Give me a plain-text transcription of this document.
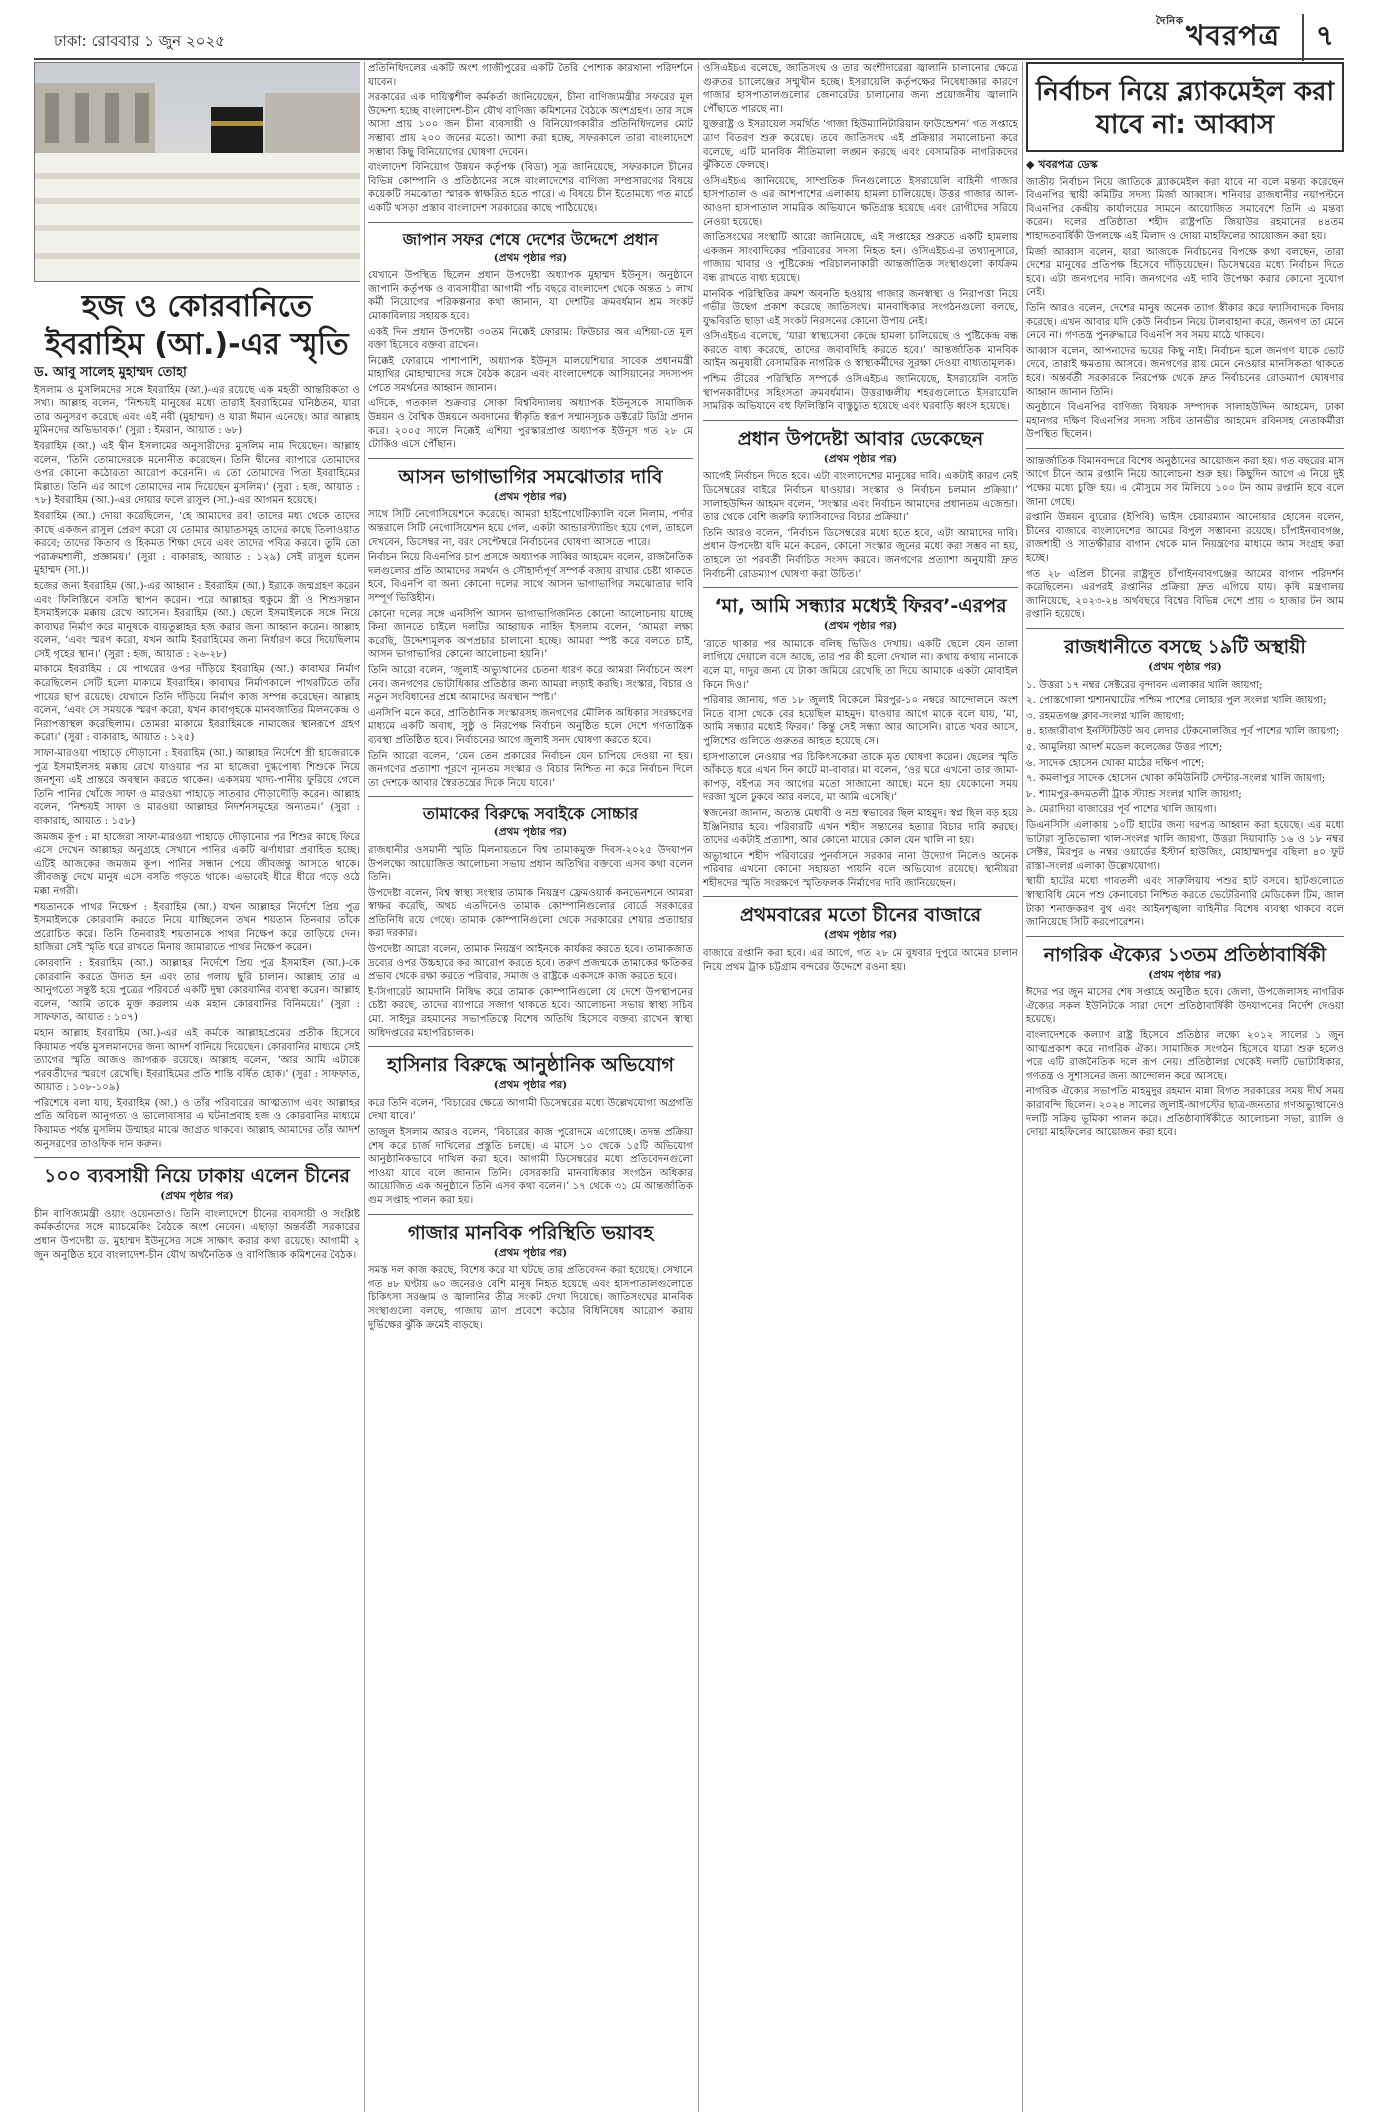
ঢাকা: রোববার ১ জুন ২০২৫
$^{দৈনিক}$খবরপত্র	৭
হজ ও কোরবানিতে ইবরাহিম (আ.)-এর স্মৃতি
ড. আবু সালেহ মুহাম্মদ তোহা

ইসলাম ও মুসলিমদের সঙ্গে ইবরাহিম (আ.)-এর রয়েছে এক মহতী আন্তরিকতা ও সখ্য। আল্লাহ বলেন, ‘নিশ্চয়ই মানুষের মধ্যে তারাই ইবরাহিমের ঘনিষ্ঠতম, যারা তার অনুসরণ করেছে এবং এই নবী (মুহাম্মদ) ও যারা ঈমান এনেছে। আর আল্লাহ মুমিনদের অভিভাবক।’ (সুরা : ইমরান, আয়াত : ৬৮)

ইবরাহিম (আ.) এই দ্বীন ইসলামের অনুসারীদের মুসলিম নাম দিয়েছেন। আল্লাহ বলেন, ‘তিনি তোমাদেরকে মনোনীত করেছেন। তিনি দ্বীনের ব্যাপারে তোমাদের ওপর কোনো কঠোরতা আরোপ করেননি। এ তো তোমাদের পিতা ইবরাহিমের মিল্লাত। তিনি এর আগে তোমাদের নাম দিয়েছেন মুসলিম।’ (সুরা : হজ, আয়াত : ৭৮) ইবরাহিম (আ.)-এর দোয়ার ফলে রাসুল (সা.)-এর আগমন হয়েছে।

ইবরাহিম (আ.) দোয়া করেছিলেন, ‘হে আমাদের রব! তাদের মধ্য থেকে তাদের কাছে একজন রাসুল প্রেরণ করো যে তোমার আয়াতসমূহ তাদের কাছে তিলাওয়াত করবে; তাদের কিতাব ও হিকমত শিক্ষা দেবে এবং তাদের পবিত্র করবে। তুমি তো পরাক্রমশালী, প্রজ্ঞাময়।’ (সুরা : বাকারাহ, আয়াত : ১২৯) সেই রাসুল হলেন মুহাম্মদ (সা.)।

হজের জন্য ইবরাহিম (আ.)-এর আহ্বান : ইবরাহিম (আ.) ইরাকে জন্মগ্রহণ করেন এবং ফিলিস্তিনে বসতি স্থাপন করেন। পরে আল্লাহর হুকুমে স্ত্রী ও শিশুসন্তান ইসমাইলকে মক্কায় রেখে আসেন। ইবরাহিম (আ.) ছেলে ইসমাইলকে সঙ্গে নিয়ে কাবাঘর নির্মাণ করে মানুষকে বায়তুল্লাহর হজ করার জন্য আহ্বান করেন। আল্লাহ বলেন, ‘এবং স্মরণ করো, যখন আমি ইবরাহিমের জন্য নির্ধারণ করে দিয়েছিলাম সেই গৃহের স্থান।’ (সুরা : হজ, আয়াত : ২৬-২৮)

মাকামে ইবরাহিম : যে পাথরের ওপর দাঁড়িয়ে ইবরাহিম (আ.) কাবাঘর নির্মাণ করেছিলেন সেটি হলো মাকামে ইবরাহিম। কাবাঘর নির্মাণকালে পাথরটিতে তাঁর পায়ের ছাপ রয়েছে। যেখানে তিনি দাঁড়িয়ে নির্মাণ কাজ সম্পন্ন করেছেন। আল্লাহ বলেন, ‘এবং সে সময়কে স্মরণ করো, যখন কাবাগৃহকে মানবজাতির মিলনকেন্দ্র ও নিরাপত্তাস্থল করেছিলাম। তোমরা মাকামে ইবরাহিমকে নামাজের স্থানরূপে গ্রহণ করো।’ (সুরা : বাকারাহ, আয়াত : ১২৫)

সাফা-মারওয়া পাহাড়ে দৌড়ানো : ইবরাহিম (আ.) আল্লাহর নির্দেশে স্ত্রী হাজেরাকে পুত্র ইসমাইলসহ মক্কায় রেখে যাওয়ার পর মা হাজেরা দুগ্ধপোষ্য শিশুকে নিয়ে জনশূন্য এই প্রান্তরে অবস্থান করতে থাকেন। একসময় খাদ্য-পানীয় ফুরিয়ে গেলে তিনি পানির খোঁজে সাফা ও মারওয়া পাহাড়ে সাতবার দৌড়াদৌড়ি করেন। আল্লাহ বলেন, ‘নিশ্চয়ই সাফা ও মারওয়া আল্লাহর নিদর্শনসমূহের অন্যতম।’ (সুরা : বাকারাহ, আয়াত : ১৫৮)

জমজম কূপ : মা হাজেরা সাফা-মারওয়া পাহাড়ে দৌড়ানোর পর শিশুর কাছে ফিরে এসে দেখেন আল্লাহর অনুগ্রহে সেখানে পানির একটি ঝর্ণাধারা প্রবাহিত হচ্ছে। এটিই আজকের জমজম কূপ। পানির সন্ধান পেয়ে জীবজন্তু আসতে থাকে। জীবজন্তু দেখে মানুষ এসে বসতি গড়তে থাকে। এভাবেই ধীরে ধীরে গড়ে ওঠে মক্কা নগরী।

শয়তানকে পাথর নিক্ষেপ : ইবরাহিম (আ.) যখন আল্লাহর নির্দেশে প্রিয় পুত্র ইসমাইলকে কোরবানি করতে নিয়ে যাচ্ছিলেন তখন শয়তান তিনবার তাঁকে প্ররোচিত করে। তিনি তিনবারই শয়তানকে পাথর নিক্ষেপ করে তাড়িয়ে দেন। হাজিরা সেই স্মৃতি ধরে রাখতে মিনায় জামারাতে পাথর নিক্ষেপ করেন।

কোরবানি : ইবরাহিম (আ.) আল্লাহর নির্দেশে প্রিয় পুত্র ইসমাইল (আ.)-কে কোরবানি করতে উদ্যত হন এবং তার গলায় ছুরি চালান। আল্লাহ তার এ আনুগত্যে সন্তুষ্ট হয়ে পুত্রের পরিবর্তে একটি দুম্বা কোরবানির ব্যবস্থা করেন। আল্লাহ বলেন, ‘আমি তাকে মুক্ত করলাম এক মহান কোরবানির বিনিময়ে।’ (সুরা : সাফফাত, আয়াত : ১০৭)

মহান আল্লাহ ইবরাহিম (আ.)-এর এই কর্মকে আল্লাহপ্রেমের প্রতীক হিসেবে কিয়ামত পর্যন্ত মুসলমানদের জন্য আদর্শ বানিয়ে দিয়েছেন। কোরবানির মাধ্যমে সেই ত্যাগের স্মৃতি আজও জাগরূক রয়েছে। আল্লাহ বলেন, ‘আর আমি এটাকে পরবর্তীদের স্মরণে রেখেছি। ইবরাহিমের প্রতি শান্তি বর্ষিত হোক।’ (সুরা : সাফফাত, আয়াত : ১০৮-১০৯)

পরিশেষে বলা যায়, ইবরাহিম (আ.) ও তাঁর পরিবারের আত্মত্যাগ এবং আল্লাহর প্রতি অবিচল আনুগত্য ও ভালোবাসার এ ঘটনাপ্রবাহ হজ ও কোরবানির মাধ্যমে কিয়ামত পর্যন্ত মুসলিম উম্মাহর মাঝে জাগ্রত থাকবে। আল্লাহ আমাদের তাঁর আদর্শ অনুসরণের তাওফিক দান করুন।

১০০ ব্যবসায়ী নিয়ে ঢাকায় এলেন চীনের
(প্রথম পৃষ্ঠার পর)

চীন বাণিজ্যমন্ত্রী ওয়াং ওয়েনতাও। তিনি বাংলাদেশে চীনের ব্যবসায়ী ও সংশ্লিষ্ট কর্মকর্তাদের সঙ্গে ম্যাচমেকিং বৈঠকে অংশ নেবেন। এছাড়া অন্তর্বর্তী সরকারের প্রধান উপদেষ্টা ড. মুহাম্মদ ইউনূসের সঙ্গে সাক্ষাৎ করার কথা রয়েছে। আগামী ২ জুন অনুষ্ঠিত হবে বাংলাদেশ-চীন যৌথ অর্থনৈতিক ও বাণিজ্যিক কমিশনের বৈঠক।

প্রতিনিধিদলের একটি অংশ গাজীপুরের একটি তৈরি পোশাক কারখানা পরিদর্শনে যাবেন।

সরকারের এক দায়িত্বশীল কর্মকর্তা জানিয়েছেন, চীনা বাণিজ্যমন্ত্রীর সফরের মূল উদ্দেশ্য হচ্ছে বাংলাদেশ-চীন যৌথ বাণিজ্য কমিশনের বৈঠকে অংশগ্রহণ। তার সঙ্গে আসা প্রায় ১০০ জন চীনা ব্যবসায়ী ও বিনিয়োগকারীর প্রতিনিধিদলের মোট সম্ভাব্য প্রায় ২০০ জনের মতো। আশা করা হচ্ছে, সফরকালে তারা বাংলাদেশে সম্ভাব্য কিছু বিনিয়োগের ঘোষণা দেবেন।

বাংলাদেশ বিনিয়োগ উন্নয়ন কর্তৃপক্ষ (বিডা) সূত্র জানিয়েছে, সফরকালে চীনের বিভিন্ন কোম্পানি ও প্রতিষ্ঠানের সঙ্গে বাংলাদেশের বাণিজ্য সম্প্রসারণের বিষয়ে কয়েকটি সমঝোতা স্মারক স্বাক্ষরিত হতে পারে। এ বিষয়ে চীন ইতোমধ্যে গত মার্চে একটি খসড়া প্রস্তাব বাংলাদেশ সরকারের কাছে পাঠিয়েছে।

জাপান সফর শেষে দেশের উদ্দেশে প্রধান
(প্রথম পৃষ্ঠার পর)

যেখানে উপস্থিত ছিলেন প্রধান উপদেষ্টা অধ্যাপক মুহাম্মদ ইউনূস। অনুষ্ঠানে জাপানি কর্তৃপক্ষ ও ব্যবসায়ীরা আগামী পাঁচ বছরে বাংলাদেশ থেকে অন্তত ১ লাখ কর্মী নিয়োগের পরিকল্পনার কথা জানান, যা দেশটির ক্রমবর্ধমান শ্রম সংকট মোকাবিলায় সহায়ক হবে।

একই দিন প্রধান উপদেষ্টা ৩০তম নিক্কেই ফোরাম: ফিউচার অব এশিয়া-তে মূল বক্তা হিসেবে বক্তব্য রাখেন।

নিক্কেই ফোরামে পাশাপাশি, অধ্যাপক ইউনূস মালয়েশিয়ার সাবেক প্রধানমন্ত্রী মাহাথির মোহাম্মাদের সঙ্গে বৈঠক করেন এবং বাংলাদেশকে আসিয়ানের সদস্যপদ পেতে সমর্থনের আহ্বান জানান।

এদিকে, গতকাল শুক্রবার সোকা বিশ্ববিদ্যালয় অধ্যাপক ইউনূসকে সামাজিক উন্নয়ন ও বৈশ্বিক উন্নয়নে অবদানের স্বীকৃতি স্বরূপ সম্মানসূচক ডক্টরেট ডিগ্রি প্রদান করে। ২০০৫ সালে নিক্কেই এশিয়া পুরস্কারপ্রাপ্ত অধ্যাপক ইউনূস গত ২৮ মে টোকিও এসে পৌঁছান।

আসন ভাগাভাগির সমঝোতার দাবি
(প্রথম পৃষ্ঠার পর)

সাথে সিটি নেগোসিয়েশনে করেছে। আমরা হাইপোথেটিক্যালি বলে নিলাম, পর্দার অন্তরালে সিটি নেগোসিয়েশন হয়ে গেল, একটা আন্ডারস্ট্যান্ডিং হয়ে গেল, তাহলে দেখবেন, ডিসেম্বর না, বরং সেপ্টেম্বরে নির্বাচনের ঘোষণা আসতে পারে।

নির্বাচন নিয়ে বিএনপির চাপ প্রসঙ্গে অধ্যাপক সাব্বির আহমেদ বলেন, রাজনৈতিক দলগুলোর প্রতি আমাদের সমর্থন ও সৌহার্দ্যপূর্ণ সম্পর্ক বজায় রাখার চেষ্টা থাকতে হবে, বিএনপি বা অন্য কোনো দলের সাথে আসন ভাগাভাগির সমঝোতার দাবি সম্পূর্ণ ভিত্তিহীন।

কোনো দলের সঙ্গে এনসিপি আসন ভাগাভাগিজনিত কোনো আলোচনায় যাচ্ছে কিনা জানতে চাইলে দলটির আহ্বায়ক নাহিদ ইসলাম বলেন, ‘আমরা লক্ষ্য করেছি, উদ্দেশ্যমূলক অপপ্রচার চালানো হচ্ছে। আমরা স্পষ্ট করে বলতে চাই, আসন ভাগাভাগির কোনো আলোচনা হয়নি।’

তিনি আরো বলেন, ‘জুলাই অভ্যুত্থানের চেতনা ধারণ করে আমরা নির্বাচনে অংশ নেব। জনগণের ভোটাধিকার প্রতিষ্ঠার জন্য আমরা লড়াই করছি। সংস্কার, বিচার ও নতুন সংবিধানের প্রশ্নে আমাদের অবস্থান স্পষ্ট।’

এনসিপি মনে করে, প্রাতিষ্ঠানিক সংস্কারসহ জনগণের মৌলিক অধিকার সংরক্ষণের মাধ্যমে একটি অবাধ, সুষ্ঠু ও নিরপেক্ষ নির্বাচন অনুষ্ঠিত হলে দেশে গণতান্ত্রিক ব্যবস্থা প্রতিষ্ঠিত হবে। নির্বাচনের আগে জুলাই সনদ ঘোষণা করতে হবে।

তিনি আরো বলেন, ‘যেন তেন প্রকারের নির্বাচন যেন চাপিয়ে দেওয়া না হয়। জনগণের প্রত্যাশা পূরণে ন্যূনতম সংস্কার ও বিচার নিশ্চিত না করে নির্বাচন দিলে তা দেশকে আবার স্বৈরতন্ত্রের দিকে নিয়ে যাবে।’

তামাকের বিরুদ্ধে সবাইকে সোচ্চার
(প্রথম পৃষ্ঠার পর)

রাজধানীর ওসমানী স্মৃতি মিলনায়তনে বিশ্ব তামাকমুক্ত দিবস-২০২৫ উদযাপন উপলক্ষ্যে আয়োজিত আলোচনা সভায় প্রধান অতিথির বক্তব্যে এসব কথা বলেন তিনি।

উপদেষ্টা বলেন, বিশ্ব স্বাস্থ্য সংস্থার তামাক নিয়ন্ত্রণ ফ্রেমওয়ার্ক কনভেনশনে আমরা স্বাক্ষর করেছি, অথচ এতদিনেও তামাক কোম্পানিগুলোর বোর্ডে সরকারের প্রতিনিধি রয়ে গেছে। তামাক কোম্পানিগুলো থেকে সরকারের শেয়ার প্রত্যাহার করা দরকার।

উপদেষ্টা আরো বলেন, তামাক নিয়ন্ত্রণ আইনকে কার্যকর করতে হবে। তামাকজাত দ্রব্যের ওপর উচ্চহারে কর আরোপ করতে হবে। তরুণ প্রজন্মকে তামাকের ক্ষতিকর প্রভাব থেকে রক্ষা করতে পরিবার, সমাজ ও রাষ্ট্রকে একসঙ্গে কাজ করতে হবে।

ই-সিগারেট আমদানি নিষিদ্ধ করে তামাক কোম্পানিগুলো যে দেশে উপস্থাপনের চেষ্টা করছে, তাদের ব্যাপারে সজাগ থাকতে হবে। আলোচনা সভায় স্বাস্থ্য সচিব মো. সাইদুর রহমানের সভাপতিত্বে বিশেষ অতিথি হিসেবে বক্তব্য রাখেন স্বাস্থ্য অধিদপ্তরের মহাপরিচালক।

হাসিনার বিরুদ্ধে আনুষ্ঠানিক অভিযোগ
(প্রথম পৃষ্ঠার পর)

করে তিনি বলেন, ‘বিচারের ক্ষেত্রে আগামী ডিসেম্বরের মধ্যে উল্লেখযোগ্য অগ্রগতি দেখা যাবে।’

তাজুল ইসলাম আরও বলেন, ‘বিচারের কাজ পুরোদমে এগোচ্ছে। তদন্ত প্রক্রিয়া শেষ করে চার্জ দাখিলের প্রস্তুতি চলছে। এ মাসে ১০ থেকে ১৫টি অভিযোগ আনুষ্ঠানিকভাবে দাখিল করা হবে। আগামী ডিসেম্বরের মধ্যে প্রতিবেদনগুলো পাওয়া যাবে বলে জানান তিনি। বেসরকারি মানবাধিকার সংগঠন অধিকার আয়োজিত এক অনুষ্ঠানে তিনি এসব কথা বলেন।’ ১৭ থেকে ৩১ মে আন্তর্জাতিক গুম সপ্তাহ পালন করা হয়।

গাজার মানবিক পরিস্থিতি ভয়াবহ
(প্রথম পৃষ্ঠার পর)

সমস্ত দল কাজ করছে, বিশেষ করে যা ঘটছে তার প্রতিবেদন করা হয়েছে। সেখানে গত ৪৮ ঘণ্টায় ৬০ জনেরও বেশি মানুষ নিহত হয়েছে এবং হাসপাতালগুলোতে চিকিৎসা সরঞ্জাম ও জ্বালানির তীব্র সংকট দেখা দিয়েছে। জাতিসংঘের মানবিক সংস্থাগুলো বলছে, গাজায় ত্রাণ প্রবেশে কঠোর বিধিনিষেধ আরোপ করায় দুর্ভিক্ষের ঝুঁকি ক্রমেই বাড়ছে।

ওসিএইচএ বলেছে, জাতিসংঘ ও তার অংশীদারেরা জ্বালানি চালানোর ক্ষেত্রে গুরুতর চ্যালেঞ্জের সম্মুখীন হচ্ছে। ইসরায়েলি কর্তৃপক্ষের নিষেধাজ্ঞার কারণে গাজার হাসপাতালগুলোর জেনারেটর চালানোর জন্য প্রয়োজনীয় জ্বালানি পৌঁছাতে পারছে না।

যুক্তরাষ্ট্র ও ইসরায়েল সমর্থিত ‘গাজা হিউম্যানিটারিয়ান ফাউন্ডেশন’ গত সপ্তাহে ত্রাণ বিতরণ শুরু করেছে। তবে জাতিসংঘ এই প্রক্রিয়ার সমালোচনা করে বলেছে, এটি মানবিক নীতিমালা লঙ্ঘন করছে এবং বেসামরিক নাগরিকদের ঝুঁকিতে ফেলছে।

ওসিএইচএ জানিয়েছে, সাম্প্রতিক দিনগুলোতে ইসরায়েলি বাহিনী গাজার হাসপাতাল ও এর আশপাশের এলাকায় হামলা চালিয়েছে। উত্তর গাজার আল-আওদা হাসপাতাল সামরিক অভিযানে ক্ষতিগ্রস্ত হয়েছে এবং রোগীদের সরিয়ে নেওয়া হয়েছে।

জাতিসংঘের সংস্থাটি আরো জানিয়েছে, এই সপ্তাহের শুরুতে একটি হামলায় একজন সাংবাদিকের পরিবারের সদস্য নিহত হন। ওসিএইচএ-র তথ্যানুসারে, গাজায় খাবার ও পুষ্টিকেন্দ্র পরিচালনাকারী আন্তর্জাতিক সংস্থাগুলো কার্যক্রম বন্ধ রাখতে বাধ্য হয়েছে।

মানবিক পরিস্থিতির ক্রমশ অবনতি হওয়ায় গাজার জনস্বাস্থ্য ও নিরাপত্তা নিয়ে গভীর উদ্বেগ প্রকাশ করেছে জাতিসংঘ। মানবাধিকার সংগঠনগুলো বলছে, যুদ্ধবিরতি ছাড়া এই সংকট নিরসনের কোনো উপায় নেই।

ওসিএইচএ বলেছে, ‘যারা স্বাস্থ্যসেবা কেন্দ্রে হামলা চালিয়েছে ও পুষ্টিকেন্দ্র বন্ধ করতে বাধ্য করেছে, তাদের জবাবদিহি করতে হবে।’ আন্তর্জাতিক মানবিক আইন অনুযায়ী বেসামরিক নাগরিক ও স্বাস্থ্যকর্মীদের সুরক্ষা দেওয়া বাধ্যতামূলক।

পশ্চিম তীরের পরিস্থিতি সম্পর্কে ওসিএইচএ জানিয়েছে, ইসরায়েলি বসতি স্থাপনকারীদের সহিংসতা ক্রমবর্ধমান। উত্তরাঞ্চলীয় শহরগুলোতে ইসরায়েলি সামরিক অভিযানে বহু ফিলিস্তিনি বাস্তুচ্যুত হয়েছে এবং ঘরবাড়ি ধ্বংস হয়েছে।

প্রধান উপদেষ্টা আবার ডেকেছেন
(প্রথম পৃষ্ঠার পর)

আগেই নির্বাচন দিতে হবে। এটা বাংলাদেশের মানুষের দাবি। একটাই কারণ নেই ডিসেম্বরের বাইরে নির্বাচন যাওয়ার। সংস্কার ও নির্বাচন চলমান প্রক্রিয়া।’ সালাহউদ্দিন আহমদ বলেন, ‘সংস্কার এবং নির্বাচন আমাদের প্রধানতম এজেন্ডা। তার থেকে বেশি জরুরি ফ্যাসিবাদের বিচার প্রক্রিয়া।’

তিনি আরও বলেন, ‘নির্বাচন ডিসেম্বরের মধ্যে হতে হবে, এটা আমাদের দাবি। প্রধান উপদেষ্টা যদি মনে করেন, কোনো সংস্কার জুনের মধ্যে করা সম্ভব না হয়, তাহলে তা পরবর্তী নির্বাচিত সংসদ করবে। জনগণের প্রত্যাশা অনুযায়ী দ্রুত নির্বাচনী রোডম্যাপ ঘোষণা করা উচিত।’

‘মা, আমি সন্ধ্যার মধ্যেই ফিরব’-এরপর
(প্রথম পৃষ্ঠার পর)

‘রাতে থাকার পর আমাকে বলিছ ভিডিও দেখায়। একটি ছেলে যেন তালা লাগিয়ে দেয়ালে বসে আছে, তার পর কী হলো দেখাল না। কথায় কথায় নানাকে বলে মা, দাদুর জন্য যে টাকা জমিয়ে রেখেছি তা দিয়ে আমাকে একটা মোবাইল কিনে দিও।’

পরিবার জানায়, গত ১৮ জুলাই বিকেলে মিরপুর-১০ নম্বরে আন্দোলনে অংশ নিতে বাসা থেকে বের হয়েছিল মাহমুদ। যাওয়ার আগে মাকে বলে যায়, ‘মা, আমি সন্ধ্যার মধ্যেই ফিরব।’ কিন্তু সেই সন্ধ্যা আর আসেনি। রাতে খবর আসে, পুলিশের গুলিতে গুরুতর আহত হয়েছে সে।

হাসপাতালে নেওয়ার পর চিকিৎসকেরা তাকে মৃত ঘোষণা করেন। ছেলের স্মৃতি আঁকড়ে ধরে এখন দিন কাটে মা-বাবার। মা বলেন, ‘ওর ঘরে এখনো তার জামা-কাপড়, বইপত্র সব আগের মতো সাজানো আছে। মনে হয় যেকোনো সময় দরজা খুলে ঢুকবে আর বলবে, মা আমি এসেছি।’

স্বজনেরা জানান, অত্যন্ত মেধাবী ও নম্র স্বভাবের ছিল মাহমুদ। স্বপ্ন ছিল বড় হয়ে ইঞ্জিনিয়ার হবে। পরিবারটি এখন শহীদ সন্তানের হত্যার বিচার দাবি করছে। তাদের একটাই প্রত্যাশা, আর কোনো মায়ের কোল যেন খালি না হয়।

অভ্যুত্থানে শহীদ পরিবারের পুনর্বাসনে সরকার নানা উদ্যোগ নিলেও অনেক পরিবার এখনো কোনো সহায়তা পায়নি বলে অভিযোগ রয়েছে। স্থানীয়রা শহীদদের স্মৃতি সংরক্ষণে স্মৃতিফলক নির্মাণের দাবি জানিয়েছেন।

প্রথমবারের মতো চীনের বাজারে
(প্রথম পৃষ্ঠার পর)

বাজারে রপ্তানি করা হবে। এর আগে, গত ২৮ মে বুধবার দুপুরে আমের চালান নিয়ে প্রথম ট্রাক চট্টগ্রাম বন্দরের উদ্দেশে রওনা হয়।

নির্বাচন নিয়ে ব্ল্যাকমেইল করা যাবে না: আব্বাস
◆ খবরপত্র ডেস্ক

জাতীয় নির্বাচন নিয়ে জাতিকে ব্ল্যাকমেইল করা যাবে না বলে মন্তব্য করেছেন বিএনপির স্থায়ী কমিটির সদস্য মির্জা আব্বাস। শনিবার রাজধানীর নয়াপল্টনে বিএনপির কেন্দ্রীয় কার্যালয়ের সামনে আয়োজিত সমাবেশে তিনি এ মন্তব্য করেন। দলের প্রতিষ্ঠাতা শহীদ রাষ্ট্রপতি জিয়াউর রহমানের ৪৪তম শাহাদতবার্ষিকী উপলক্ষে এই মিলাদ ও দোয়া মাহফিলের আয়োজন করা হয়।

মির্জা আব্বাস বলেন, যারা আজকে নির্বাচনের বিপক্ষে কথা বলছেন, তারা দেশের মানুষের প্রতিপক্ষ হিসেবে দাঁড়িয়েছেন। ডিসেম্বরের মধ্যে নির্বাচন দিতে হবে। এটা জনগণের দাবি। জনগণের এই দাবি উপেক্ষা করার কোনো সুযোগ নেই।

তিনি আরও বলেন, দেশের মানুষ অনেক ত্যাগ স্বীকার করে ফ্যাসিবাদকে বিদায় করেছে। এখন আবার যদি কেউ নির্বাচন নিয়ে টালবাহানা করে, জনগণ তা মেনে নেবে না। গণতন্ত্র পুনরুদ্ধারে বিএনপি সব সময় মাঠে থাকবে।

আব্বাস বলেন, আপনাদের ভয়ের কিছু নাই। নির্বাচন হলে জনগণ যাকে ভোট দেবে, তারাই ক্ষমতায় আসবে। জনগণের রায় মেনে নেওয়ার মানসিকতা থাকতে হবে। অন্তর্বর্তী সরকারকে নিরপেক্ষ থেকে দ্রুত নির্বাচনের রোডম্যাপ ঘোষণার আহ্বান জানান তিনি।

অনুষ্ঠানে বিএনপির বাণিজ্য বিষয়ক সম্পাদক সালাহউদ্দিন আহমেদ, ঢাকা মহানগর দক্ষিণ বিএনপির সদস্য সচিব তানভীর আহমেদ রবিনসহ নেতাকর্মীরা উপস্থিত ছিলেন।

আন্তর্জাতিক বিমানবন্দরে বিশেষ অনুষ্ঠানের আয়োজন করা হয়। গত বছরের মাস আগে চীনে আম রপ্তানি নিয়ে আলোচনা শুরু হয়। কিছুদিন আগে এ নিয়ে দুই পক্ষের মধ্যে চুক্তি হয়। এ মৌসুমে সব মিলিয়ে ১০০ টন আম রপ্তানি হবে বলে জানা গেছে।

রপ্তানি উন্নয়ন ব্যুরোর (ইপিবি) ভাইস চেয়ারম্যান আনোয়ার হোসেন বলেন, চীনের বাজারে বাংলাদেশের আমের বিপুল সম্ভাবনা রয়েছে। চাঁপাইনবাবগঞ্জ, রাজশাহী ও সাতক্ষীরার বাগান থেকে মান নিয়ন্ত্রণের মাধ্যমে আম সংগ্রহ করা হচ্ছে।

গত ২৮ এপ্রিল চীনের রাষ্ট্রদূত চাঁপাইনবাবগঞ্জের আমের বাগান পরিদর্শন করেছিলেন। এরপরই রপ্তানির প্রক্রিয়া দ্রুত এগিয়ে যায়। কৃষি মন্ত্রণালয় জানিয়েছে, ২০২৩-২৪ অর্থবছরে বিশ্বের বিভিন্ন দেশে প্রায় ৩ হাজার টন আম রপ্তানি হয়েছে।

রাজধানীতে বসছে ১৯টি অস্থায়ী
(প্রথম পৃষ্ঠার পর)

১. উত্তরা ১৭ নম্বর সেক্টরের বৃন্দাবন এলাকার খালি জায়গা;

২. পোস্তগোলা শ্মশানঘাটের পশ্চিম পাশের লোহার পুল সংলগ্ন খালি জায়গা;

৩. রহমতগঞ্জ ক্লাব-সংলগ্ন খালি জায়গা;

৪. হাজারীবাগ ইনস্টিটিউট অব লেদার টেকনোলজির পূর্ব পাশের খালি জায়গা;

৫. আমুলিয়া আদর্শ মডেল কলেজের উত্তর পাশে;

৬. সাদেক হোসেন খোকা মাঠের দক্ষিণ পাশে;

৭. কমলাপুর সাদেক হোসেন খোকা কমিউনিটি সেন্টার-সংলগ্ন খালি জায়গা;

৮. শ্যামপুর-কদমতলী ট্রাক স্ট্যান্ড সংলগ্ন খালি জায়গা;

৯. মেরাদিয়া বাজারের পূর্ব পাশের খালি জায়গা।

ডিএনসিসি এলাকায় ১০টি হাটের জন্য দরপত্র আহ্বান করা হয়েছে। এর মধ্যে ভাটারা সুতিভোলা খাল-সংলগ্ন খালি জায়গা, উত্তরা দিয়াবাড়ি ১৬ ও ১৮ নম্বর সেক্টর, মিরপুর ৬ নম্বর ওয়ার্ডের ইস্টার্ন হাউজিং, মোহাম্মদপুর বছিলা ৪০ ফুট রাস্তা-সংলগ্ন এলাকা উল্লেখযোগ্য।

স্থায়ী হাটের মধ্যে গাবতলী এবং সারুলিয়ায় পশুর হাট বসবে। হাটগুলোতে স্বাস্থ্যবিধি মেনে পশু কেনাবেচা নিশ্চিত করতে ভেটেরিনারি মেডিকেল টিম, জাল টাকা শনাক্তকরণ বুথ এবং আইনশৃঙ্খলা বাহিনীর বিশেষ ব্যবস্থা থাকবে বলে জানিয়েছে সিটি করপোরেশন।

নাগরিক ঐক্যের ১৩তম প্রতিষ্ঠাবার্ষিকী
(প্রথম পৃষ্ঠার পর)

ঈদের পর জুন মাসের শেষ সপ্তাহে অনুষ্ঠিত হবে। জেলা, উপজেলাসহ নাগরিক ঐক্যের সকল ইউনিটকে সারা দেশে প্রতিষ্ঠাবার্ষিকী উদযাপনের নির্দেশ দেওয়া হয়েছে।

বাংলাদেশকে কল্যাণ রাষ্ট্র হিসেবে প্রতিষ্ঠার লক্ষ্যে ২০১২ সালের ১ জুন আত্মপ্রকাশ করে নাগরিক ঐক্য। সামাজিক সংগঠন হিসেবে যাত্রা শুরু হলেও পরে এটি রাজনৈতিক দলে রূপ নেয়। প্রতিষ্ঠালগ্ন থেকেই দলটি ভোটাধিকার, গণতন্ত্র ও সুশাসনের জন্য আন্দোলন করে আসছে।

নাগরিক ঐক্যের সভাপতি মাহমুদুর রহমান মান্না বিগত সরকারের সময় দীর্ঘ সময় কারাবন্দি ছিলেন। ২০২৪ সালের জুলাই-আগস্টের ছাত্র-জনতার গণঅভ্যুত্থানেও দলটি সক্রিয় ভূমিকা পালন করে। প্রতিষ্ঠাবার্ষিকীতে আলোচনা সভা, র‍্যালি ও দোয়া মাহফিলের আয়োজন করা হবে।
